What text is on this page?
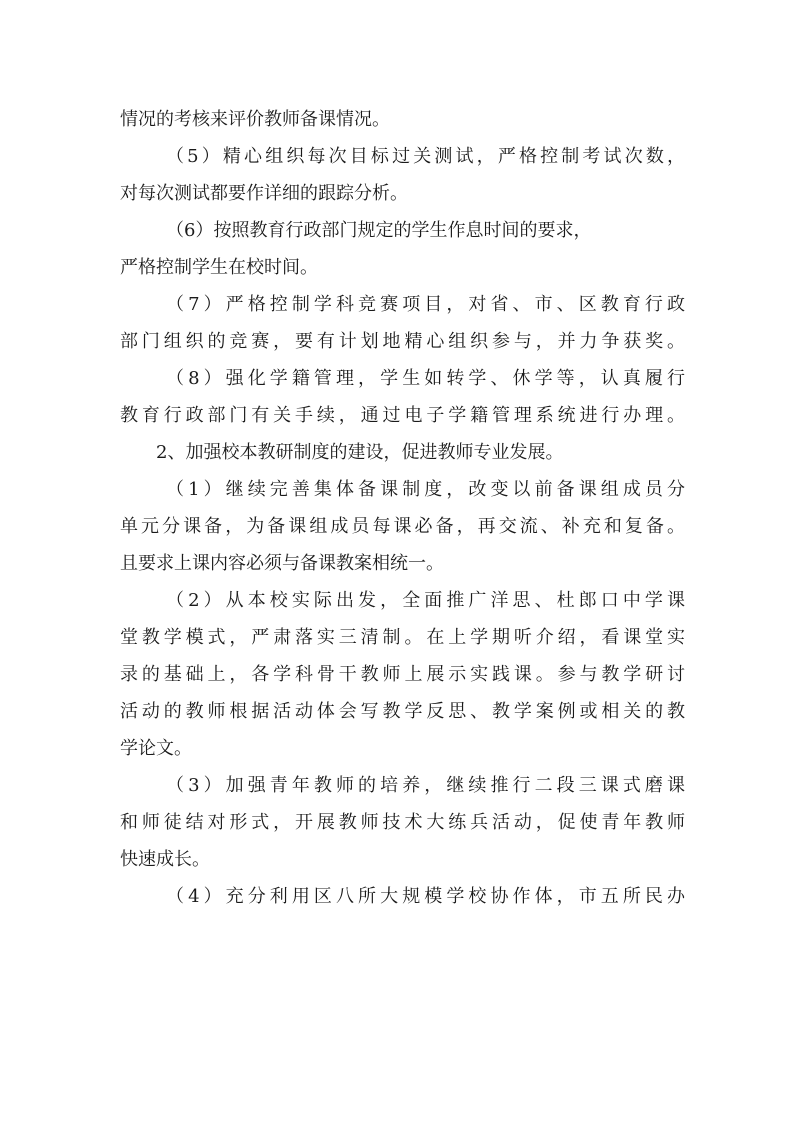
情况的考核来评价教师备课情况。
（5）精心组织每次目标过关测试，严格控制考试次数，
对每次测试都要作详细的跟踪分析。
（6）按照教育行政部门规定的学生作息时间的要求，
严格控制学生在校时间。
（7）严格控制学科竞赛项目，对省、市、区教育行政
部门组织的竞赛，要有计划地精心组织参与，并力争获奖。
（8）强化学籍管理，学生如转学、休学等，认真履行
教育行政部门有关手续，通过电子学籍管理系统进行办理。
2、加强校本教研制度的建设，促进教师专业发展。
（1）继续完善集体备课制度，改变以前备课组成员分
单元分课备，为备课组成员每课必备，再交流、补充和复备。
且要求上课内容必须与备课教案相统一。
（2）从本校实际出发，全面推广洋思、杜郎口中学课
堂教学模式，严肃落实三清制。在上学期听介绍，看课堂实
录的基础上，各学科骨干教师上展示实践课。参与教学研讨
活动的教师根据活动体会写教学反思、教学案例或相关的教
学论文。
（3）加强青年教师的培养，继续推行二段三课式磨课
和师徒结对形式，开展教师技术大练兵活动，促使青年教师
快速成长。
（4）充分利用区八所大规模学校协作体，市五所民办
